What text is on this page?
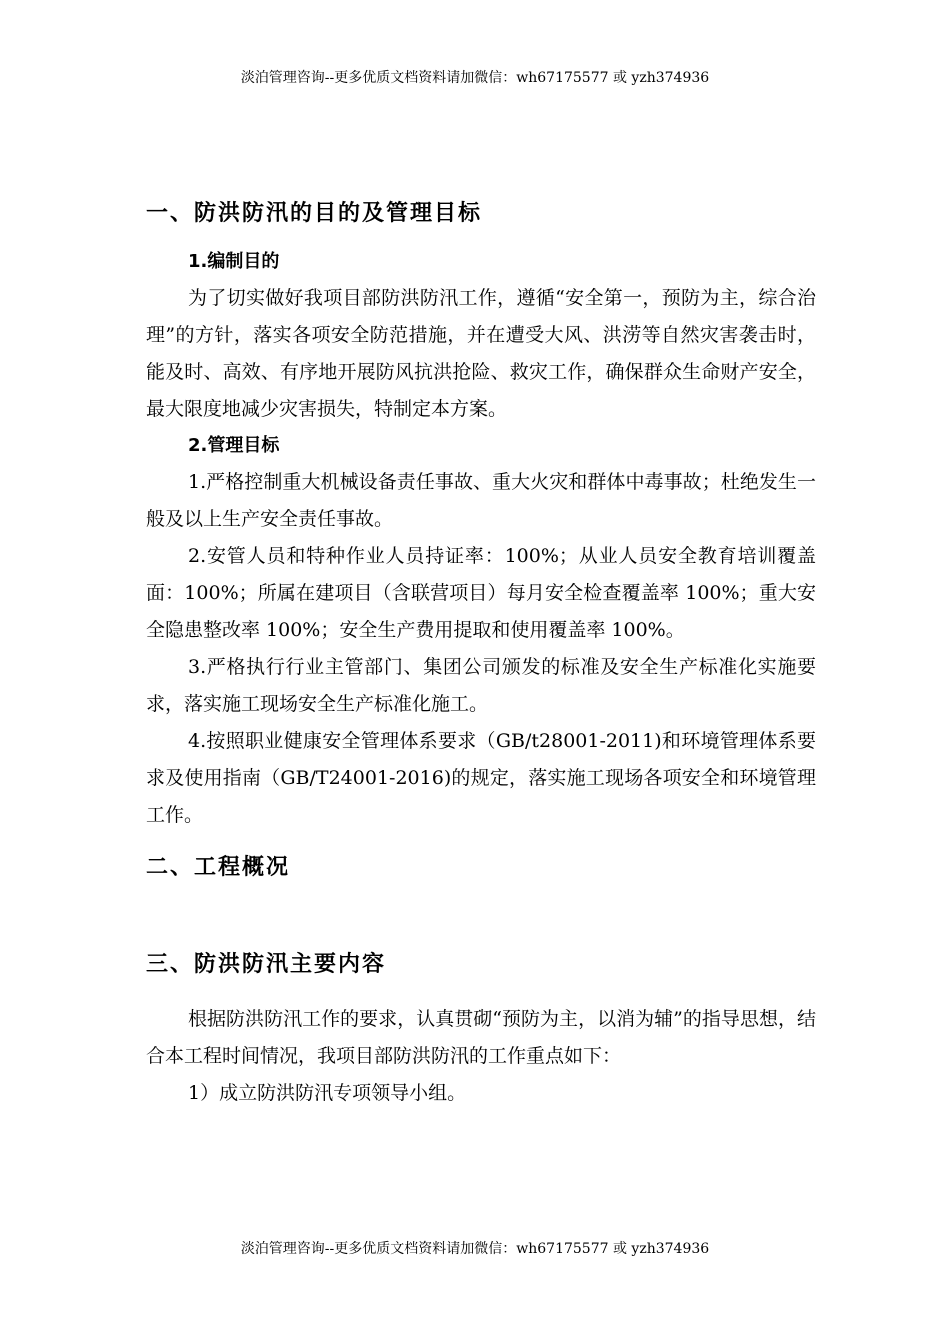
淡泊管理咨询--更多优质文档资料请加微信：wh67175577 或 yzh374936
一、防洪防汛的目的及管理目标
1.编制目的

为了切实做好我项目部防洪防汛工作，遵循“安全第一，预防为主，综合治理”的方针，落实各项安全防范措施，并在遭受大风、洪涝等自然灾害袭击时，能及时、高效、有序地开展防风抗洪抢险、救灾工作，确保群众生命财产安全，最大限度地减少灾害损失，特制定本方案。

2.管理目标

1.严格控制重大机械设备责任事故、重大火灾和群体中毒事故；杜绝发生一般及以上生产安全责任事故。

2.安管人员和特种作业人员持证率：100%；从业人员安全教育培训覆盖面：100%；所属在建项目（含联营项目）每月安全检查覆盖率 100%；重大安全隐患整改率 100%；安全生产费用提取和使用覆盖率 100%。

3.严格执行行业主管部门、集团公司颁发的标准及安全生产标准化实施要求，落实施工现场安全生产标准化施工。

4.按照职业健康安全管理体系要求（GB/t28001-2011)和环境管理体系要求及使用指南（GB/T24001-2016)的规定，落实施工现场各项安全和环境管理工作。

二、工程概况
三、防洪防汛主要内容

根据防洪防汛工作的要求，认真贯砌“预防为主，以消为辅”的指导思想，结合本工程时间情况，我项目部防洪防汛的工作重点如下：

1）成立防洪防汛专项领导小组。

淡泊管理咨询--更多优质文档资料请加微信：wh67175577 或 yzh374936
